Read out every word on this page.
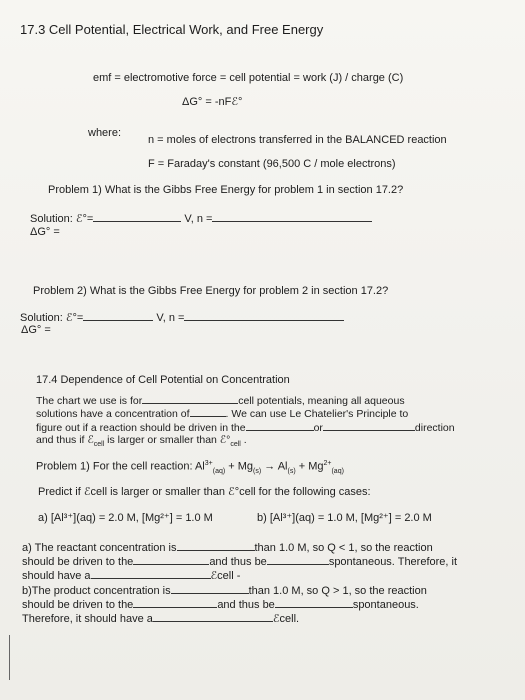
17.3 Cell Potential, Electrical Work, and Free Energy
emf = electromotive force = cell potential = work (J) / charge (C)
ΔG° = -nFℰ°
where:
n = moles of electrons transferred in the BALANCED reaction
F = Faraday's constant (96,500 C / mole electrons)
Problem 1) What is the Gibbs Free Energy for problem 1 in section 17.2?
Solution: ℰ°=	V, n =
ΔG° =
Problem 2) What is the Gibbs Free Energy for problem 2 in section 17.2?
Solution: ℰ°=	V, n =
ΔG° =
17.4 Dependence of Cell Potential on Concentration
The chart we use is for	cell potentials, meaning all aqueous
solutions have a concentration of	. We can use Le Chatelier's Principle to
figure out if a reaction should be driven in the	or	direction
and thus if ℰ$_{cell}$ is larger or smaller than $ℰ^\circ_{cell}$ .
Problem 1) For the cell reaction: $Al^{3+}_{(aq)} + Mg_{(s)} \to Al_{(s)} + Mg^{2+}_{(aq)}$
Predict if ℰcell is larger or smaller than ℰ°cell for the following cases:
a) [Al³⁺](aq) = 2.0 M, [Mg²⁺] = 1.0 M	b) [Al³⁺](aq) = 1.0 M, [Mg²⁺] = 2.0 M
a) The reactant concentration is	than 1.0 M, so Q < 1, so the reaction
should be driven to the	and thus be	spontaneous. Therefore, it
should have a	ℰcell -
b)The product concentration is	than 1.0 M, so Q > 1, so the reaction
should be driven to the	and thus be	spontaneous.
Therefore, it should have a	ℰcell.
